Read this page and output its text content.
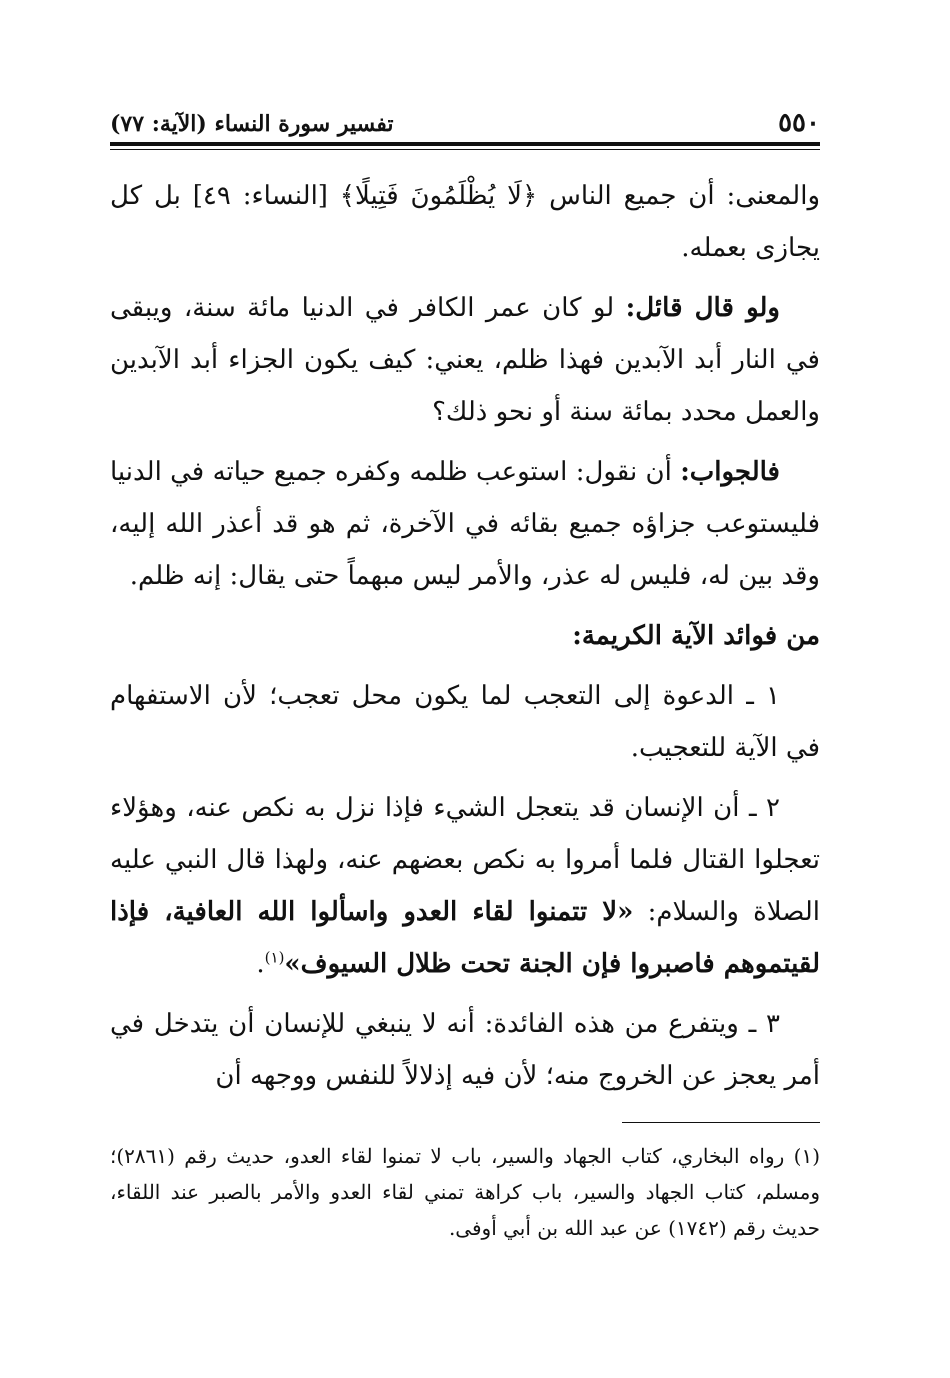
٥٥٠
تفسير سورة النساء (الآية: ٧٧)

والمعنى: أن جميع الناس ﴿لَا يُظْلَمُونَ فَتِيلًا﴾ [النساء: ٤٩] بل كل يجازى بعمله.

ولو قال قائل: لو كان عمر الكافر في الدنيا مائة سنة، ويبقى في النار أبد الآبدين فهذا ظلم، يعني: كيف يكون الجزاء أبد الآبدين والعمل محدد بمائة سنة أو نحو ذلك؟

فالجواب: أن نقول: استوعب ظلمه وكفره جميع حياته في الدنيا فليستوعب جزاؤه جميع بقائه في الآخرة، ثم هو قد أعذر الله إليه، وقد بين له، فليس له عذر، والأمر ليس مبهماً حتى يقال: إنه ظلم.

من فوائد الآية الكريمة:

١ ـ الدعوة إلى التعجب لما يكون محل تعجب؛ لأن الاستفهام في الآية للتعجيب.

٢ ـ أن الإنسان قد يتعجل الشيء فإذا نزل به نكص عنه، وهؤلاء تعجلوا القتال فلما أمروا به نكص بعضهم عنه، ولهذا قال النبي عليه الصلاة والسلام: «لا تتمنوا لقاء العدو واسألوا الله العافية، فإذا لقيتموهم فاصبروا فإن الجنة تحت ظلال السيوف»$^{(١)}$.

٣ ـ ويتفرع من هذه الفائدة: أنه لا ينبغي للإنسان أن يتدخل في أمر يعجز عن الخروج منه؛ لأن فيه إذلالاً للنفس ووجهه أن

(١) رواه البخاري، كتاب الجهاد والسير، باب لا تمنوا لقاء العدو، حديث رقم (٢٨٦١)؛ ومسلم، كتاب الجهاد والسير، باب كراهة تمني لقاء العدو والأمر بالصبر عند اللقاء، حديث رقم (١٧٤٢) عن عبد الله بن أبي أوفى.
